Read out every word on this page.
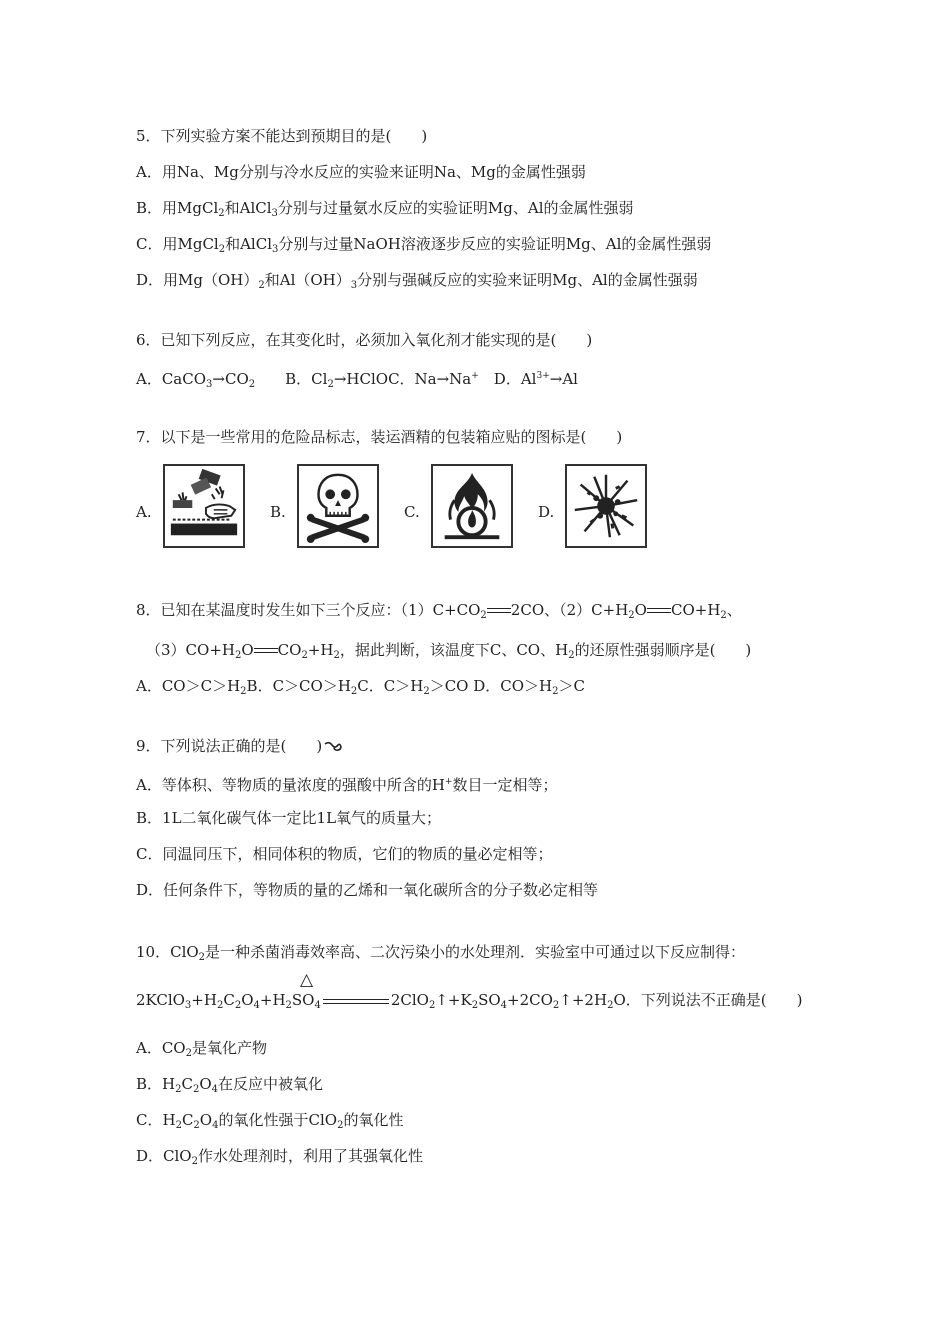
5．下列实验方案不能达到预期目的是(　　)
A．用Na、Mg分别与冷水反应的实验来证明Na、Mg的金属性强弱
B．用MgCl$_2$和AlCl$_3$分别与过量氨水反应的实验证明Mg、Al的金属性强弱
C．用MgCl$_2$和AlCl$_3$分别与过量NaOH溶液逐步反应的实验证明Mg、Al的金属性强弱
D．用$Mg(OH)_2$和$Al(OH)_3$分别与强碱反应的实验来证明Mg、Al的金属性强弱
6．已知下列反应，在其变化时，必须加入氧化剂才能实现的是(　　)
A．$CaCO_3\to CO_2$　　B．$Cl_2\to HClOC$．Na→Na+　D．$Al^{3+}\to Al$
7．以下是一些常用的危险品标志，装运酒精的包装箱应贴的图标是(　　)
A.	B.	C.	D.
8．已知在某温度时发生如下三个反应：$(1)C+CO_2$ 2CO、$(2)C+H_2O$ $CO+H_2$、
$(3)CO+H_2O$ $CO_2+H_2$，据此判断，该温度下C、CO、$H_2$的还原性强弱顺序是(　　)
A．$CO>C>H_2B$．$C>CO>H_2C$．$C>H_2>CO$ D．$CO>H_2>C$
9．下列说法正确的是(　　)
A．等体积、等物质的量浓度的强酸中所含的H+数目一定相等；
B．1L二氧化碳气体一定比1L氧气的质量大；
C．同温同压下，相同体积的物质，它们的物质的量必定相等；
D．任何条件下，等物质的量的乙烯和一氧化碳所含的分子数必定相等
10．ClO$_2$是一种杀菌消毒效率高、二次污染小的水处理剂．实验室中可通过以下反应制得：
△
$2KClO_3+H_2C_2O_4+H_2SO_4$	$2ClO_2↑+K_2SO_4+2CO_2↑+2H_2O$．下列说法不正确是(　　)
A．$CO_2$是氧化产物
B．$H_2C_2O_4$在反应中被氧化
C．$H_2C_2O_4$的氧化性强于ClO$_2$的氧化性
D．ClO$_2$作水处理剂时，利用了其强氧化性
